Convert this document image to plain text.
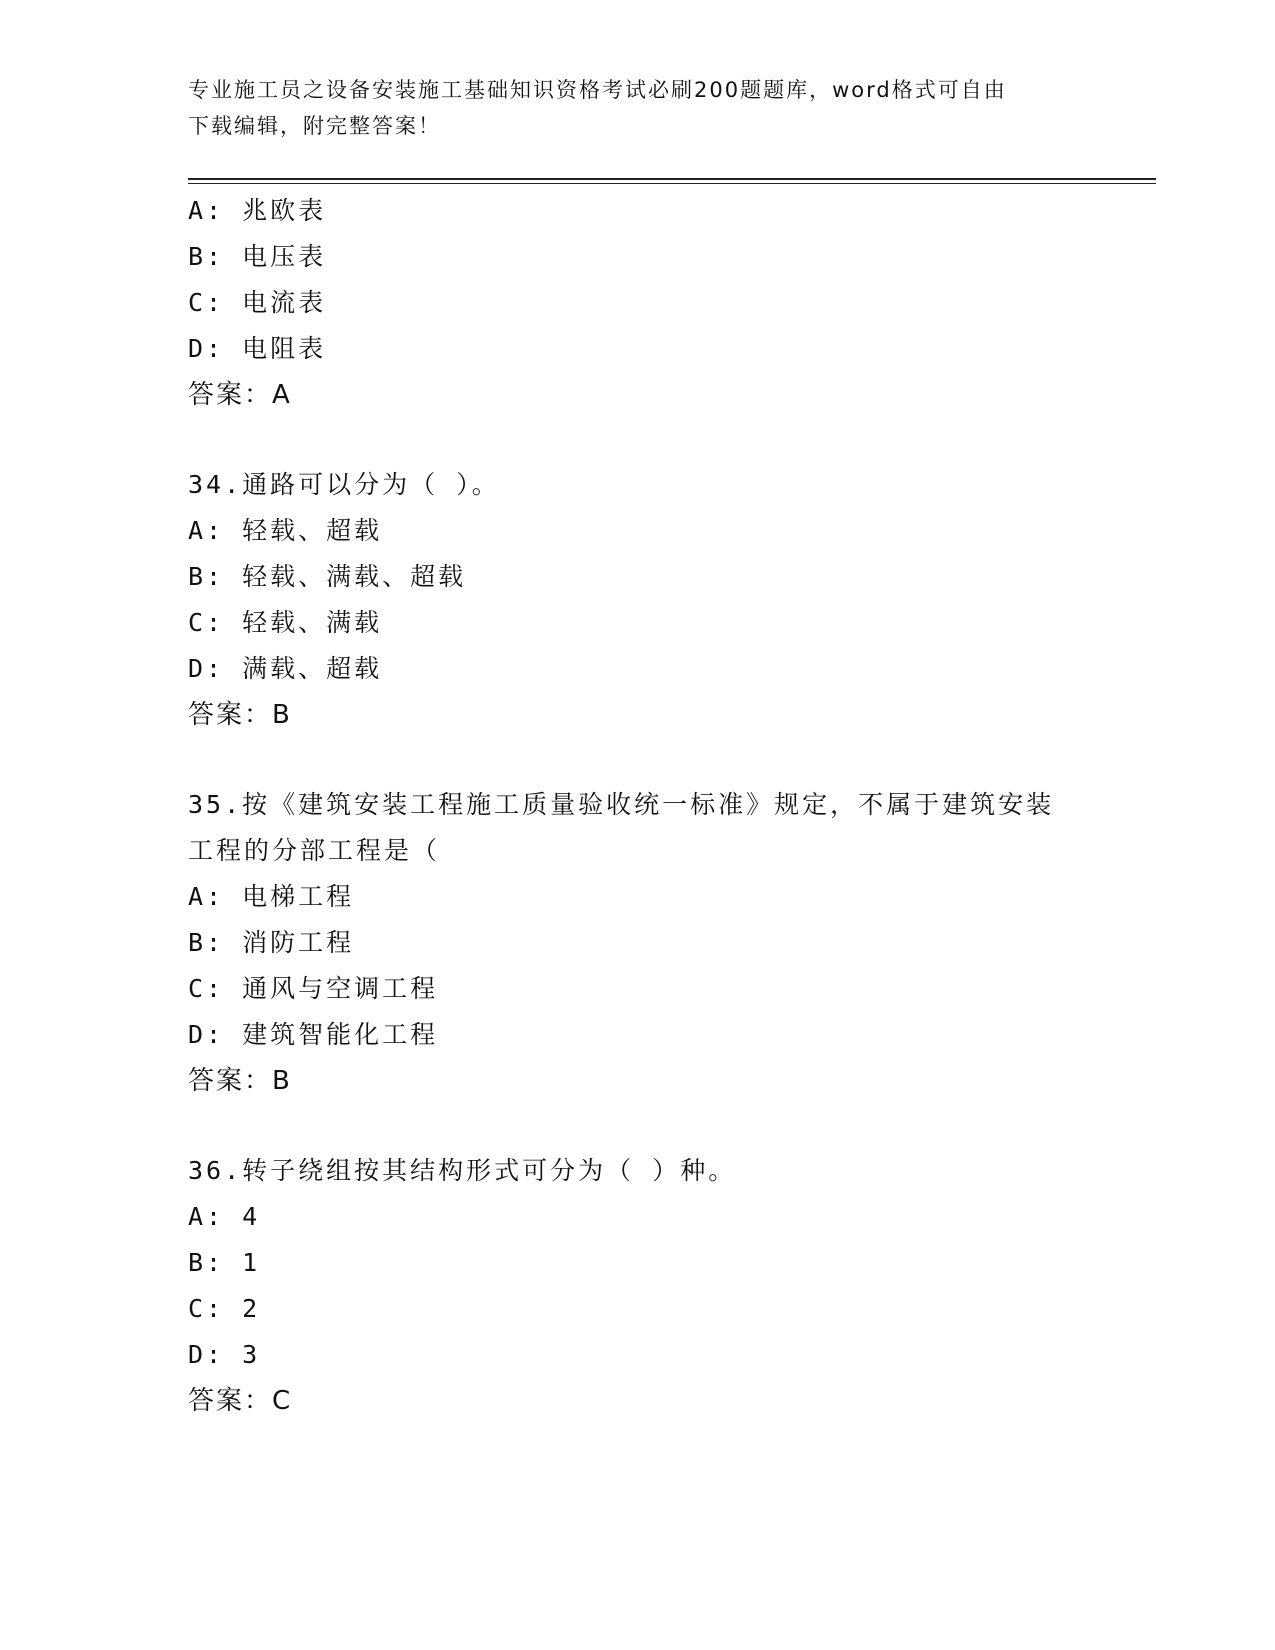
专业施工员之设备安装施工基础知识资格考试必刷200题题库，word格式可自由
下载编辑，附完整答案！
A: 兆欧表
B: 电压表
C: 电流表
D: 电阻表
答案：A
34.通路可以分为（ ）。
A: 轻载、超载
B: 轻载、满载、超载
C: 轻载、满载
D: 满载、超载
答案：B
35.按《建筑安装工程施工质量验收统一标准》规定，不属于建筑安装
工程的分部工程是（
A: 电梯工程
B: 消防工程
C: 通风与空调工程
D: 建筑智能化工程
答案：B
36.转子绕组按其结构形式可分为（ ）种。
A: 4
B: 1
C: 2
D: 3
答案：C
